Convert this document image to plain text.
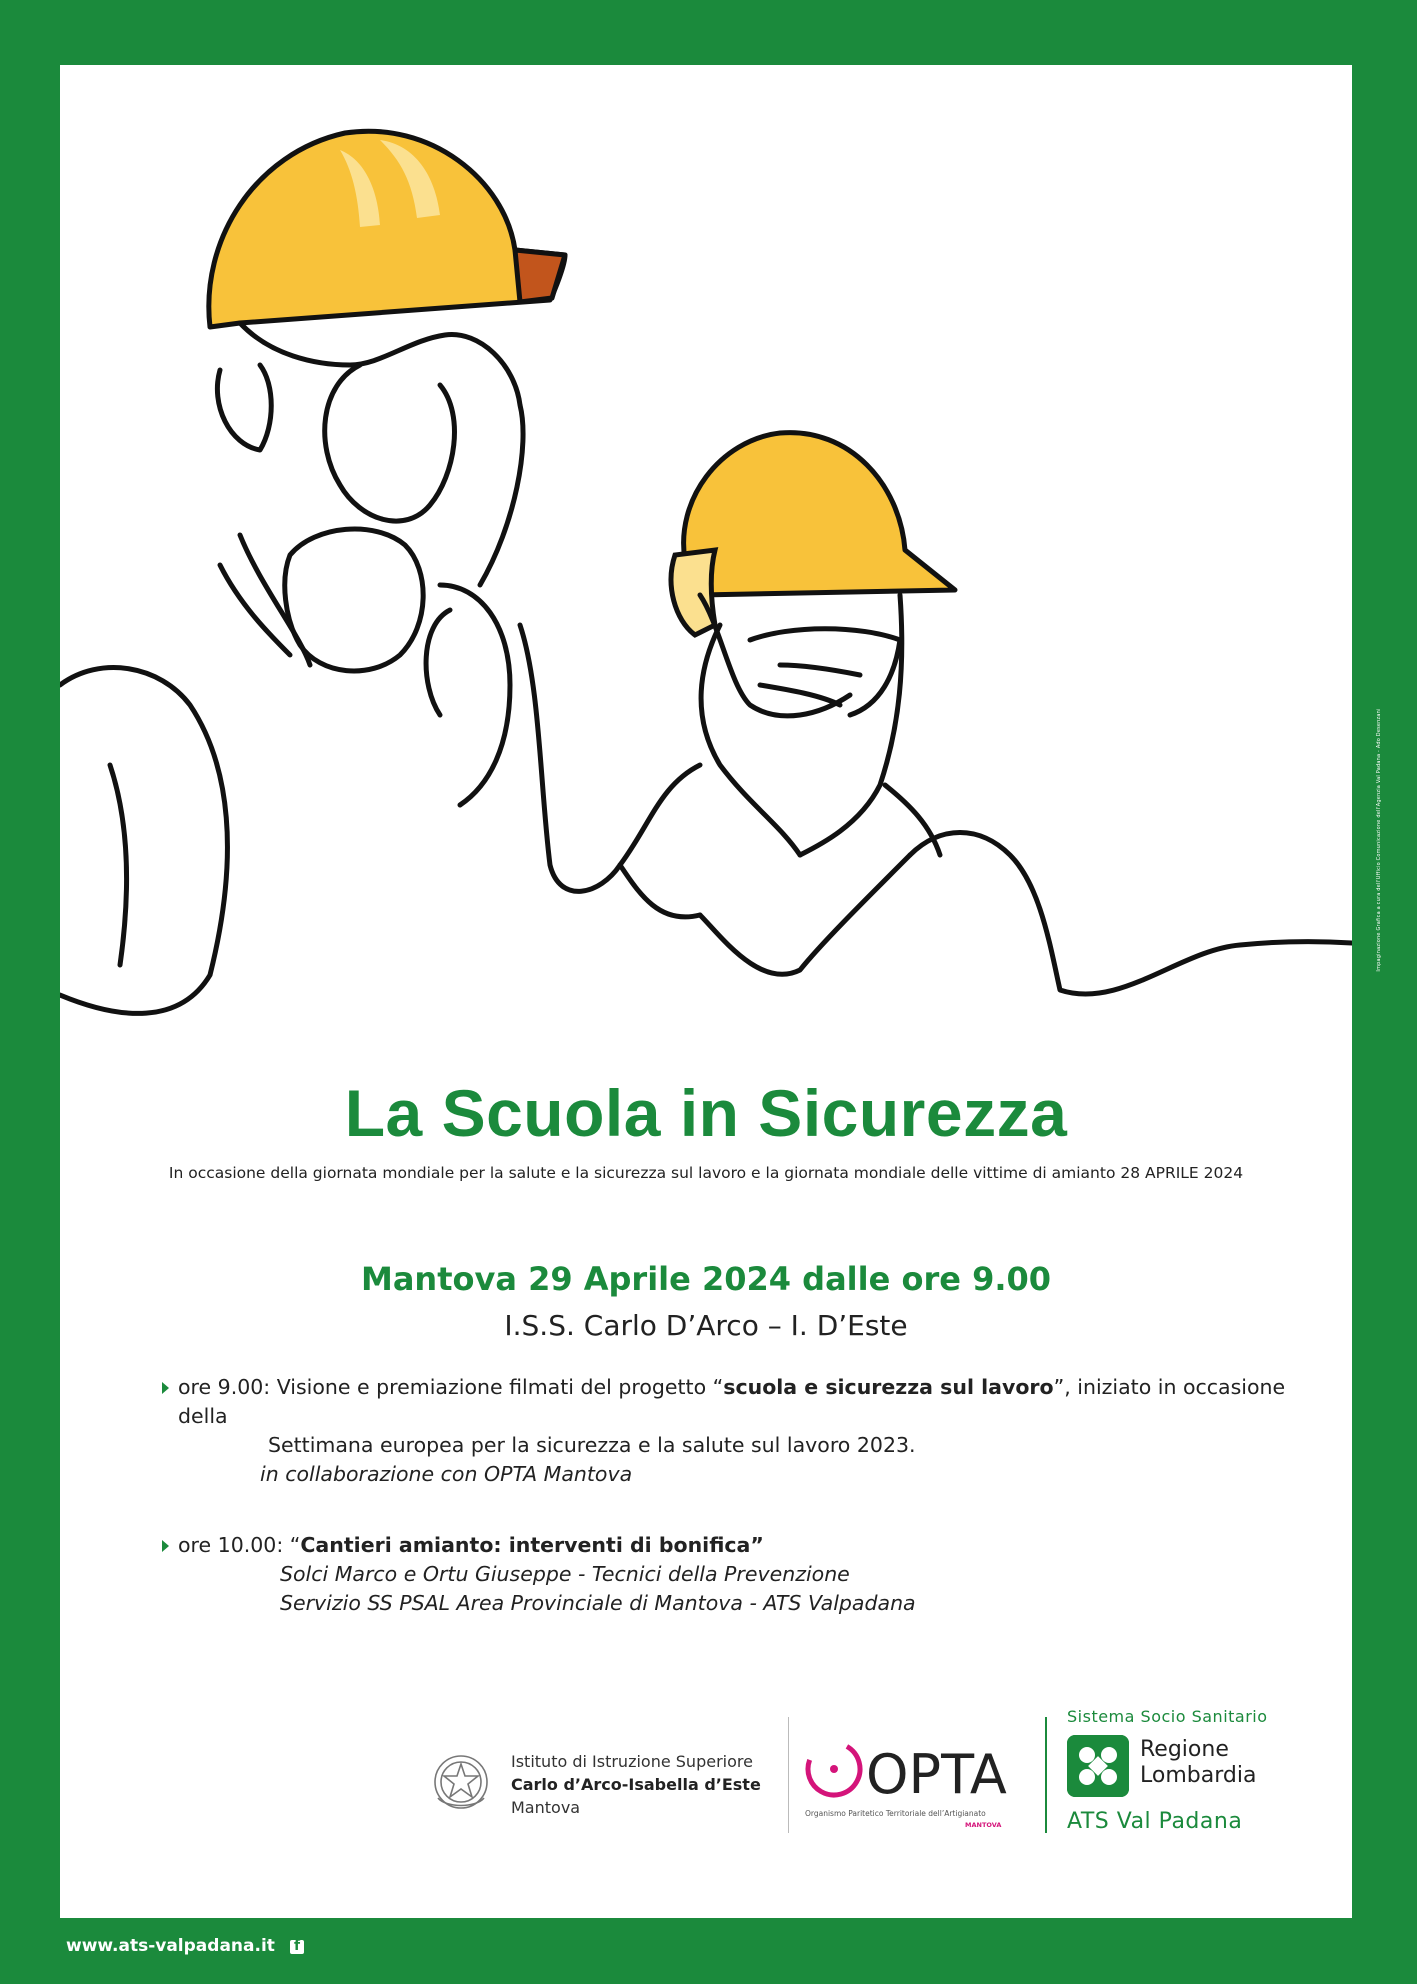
La Scuola in Sicurezza
In occasione della giornata mondiale per la salute e la sicurezza sul lavoro e la giornata mondiale delle vittime di amianto 28 APRILE 2024
Mantova 29 Aprile 2024 dalle ore 9.00
I.S.S. Carlo D’Arco – I. D’Este
ore 9.00: Visione e premiazione filmati del progetto “scuola e sicurezza sul lavoro”, iniziato in occasione della
Settimana europea per la sicurezza e la salute sul lavoro 2023.
in collaborazione con OPTA Mantova
ore 10.00: “Cantieri amianto: interventi di bonifica”
Solci Marco e Ortu Giuseppe - Tecnici della Prevenzione
Servizio SS PSAL Area Provinciale di Mantova - ATS Valpadana
Istituto di Istruzione Superiore
Carlo d’Arco-Isabella d’Este
Mantova
OPTA
Organismo Paritetico Territoriale dell’Artigianato
MANTOVA
Sistema Socio Sanitario
Regione
Lombardia
ATS Val Padana
Impaginazione Grafica a cura dell'Ufficio Comunicazione dell'Agenzia Val Padana - Ado Desenzani
www.ats-valpadana.it
f
